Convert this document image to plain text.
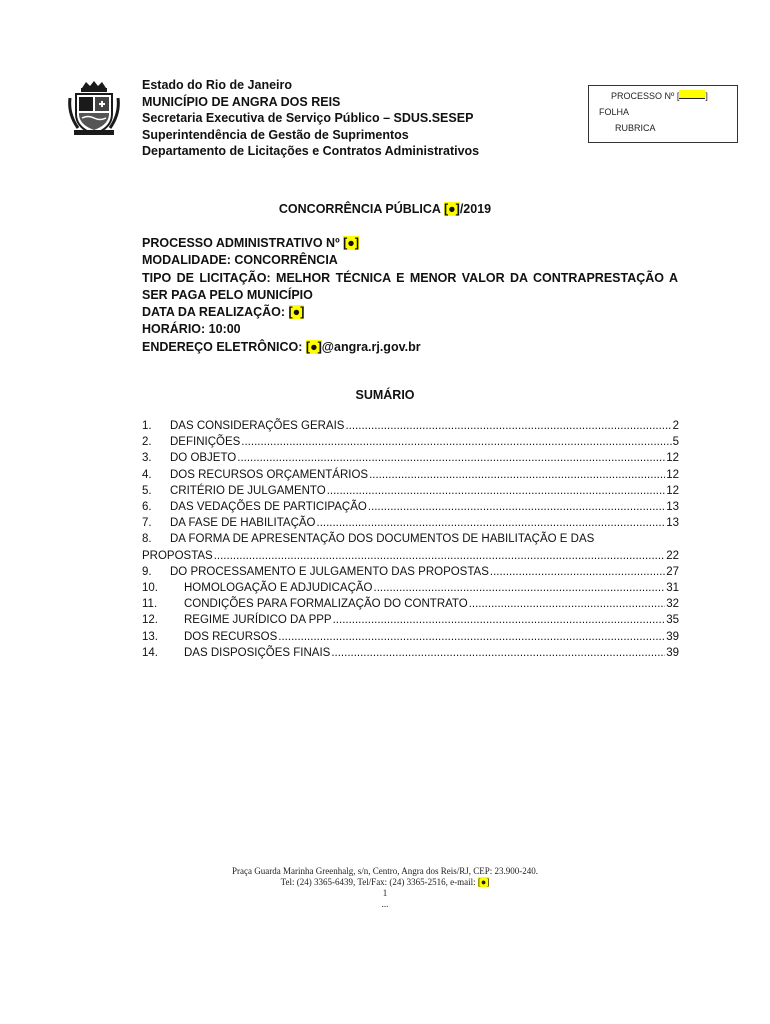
Estado do Rio de Janeiro
MUNICÍPIO DE ANGRA DOS REIS
Secretaria Executiva de Serviço Público – SDUS.SESEP
Superintendência de Gestão de Suprimentos
Departamento de Licitações e Contratos Administrativos
PROCESSO Nº [	]
FOLHA
RUBRICA
CONCORRÊNCIA PÚBLICA [●]/2019
PROCESSO ADMINISTRATIVO Nº [●]
MODALIDADE: CONCORRÊNCIA
TIPO DE LICITAÇÃO: MELHOR TÉCNICA E MENOR VALOR DA CONTRAPRESTAÇÃO A SER PAGA PELO MUNICÍPIO
DATA DA REALIZAÇÃO: [●]
HORÁRIO: 10:00
ENDEREÇO ELETRÔNICO: [●]@angra.rj.gov.br
SUMÁRIO
1.	DAS CONSIDERAÇÕES GERAIS .....	2
2.	DEFINIÇÕES .....	5
3.	DO OBJETO .....	12
4.	DOS RECURSOS ORÇAMENTÁRIOS .....	12
5.	CRITÉRIO DE JULGAMENTO .....	12
6.	DAS VEDAÇÕES DE PARTICIPAÇÃO .....	13
7.	DA FASE DE HABILITAÇÃO .....	13
8. DA FORMA DE APRESENTAÇÃO DOS DOCUMENTOS DE HABILITAÇÃO E DAS
PROPOSTAS .....	22
9.	DO PROCESSAMENTO E JULGAMENTO DAS PROPOSTAS .....	27
10.	HOMOLOGAÇÃO E ADJUDICAÇÃO .....	31
11.	CONDIÇÕES PARA FORMALIZAÇÃO DO CONTRATO .....	32
12.	REGIME JURÍDICO DA PPP .....	35
13.	DOS RECURSOS .....	39
14.	DAS DISPOSIÇÕES FINAIS .....	39
Praça Guarda Marinha Greenhalg, s/n, Centro, Angra dos Reis/RJ, CEP: 23.900-240.
Tel: (24) 3365-6439, Tel/Fax: (24) 3365-2516, e-mail: [●]
1
...
